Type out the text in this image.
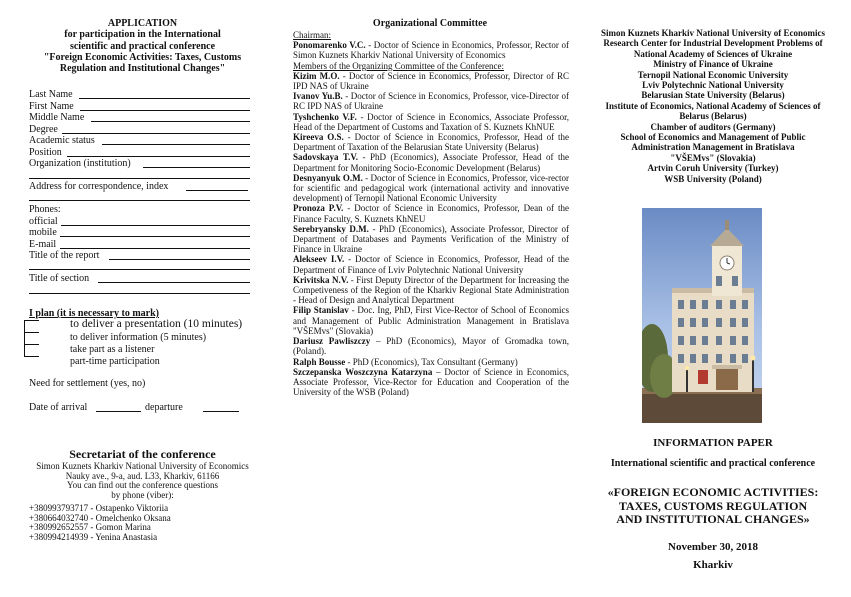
APPLICATION
for participation in the International
scientific and practical conference
"Foreign Economic Activities: Taxes, Customs
Regulation and Institutional Changes"
Last Name
First Name
Middle Name
Degree
Academic status
Position
Organization (institution)
Address for correspondence, index
Phones:
official
mobile
E-mail
Title of the report
Title of section
I plan (it is necessary to mark)
to deliver a presentation (10 minutes)
to deliver information (5 minutes)
take part as a listener
part-time participation
Need for settlement (yes, no)
Date of arrival	departure
Secretariat of the conference
Simon Kuznets Kharkiv National University of Economics
Nauky ave., 9-a, aud. L33, Kharkiv, 61166
You can find out the conference questions
by phone (viber):
+380993793717 - Ostapenko Viktoriia
+380664032740 - Omelchenko Oksana
+380992652557 - Gomon Marina
+380994214939 - Yenina Anastasia
Organizational Committee

Chairman:

Ponomarenko V.C. - Doctor of Science in Economics, Professor, Rector of Simon Kuznets Kharkiv National University of Economics

Members of the Organizing Committee of the Conference:

Kizim M.O. - Doctor of Science in Economics, Professor, Director of RC IPD NAS of Ukraine

Ivanov Yu.B. - Doctor of Science in Economics, Professor, vice-Director of RC IPD NAS of Ukraine

Tyshchenko V.F. - Doctor of Science in Economics, Associate Professor, Head of the Department of Customs and Taxation of S. Kuznets KhNUE

Kireeva O.S. - Doctor of Science in Economics, Professor, Head of the Department of Taxation of the Belarusian State University (Belarus)

Sadovskaya T.V. - PhD (Economics), Associate Professor, Head of the Department for Monitoring Socio-Economic Development (Belarus)

Desnyanyuk O.M. - Doctor of Science in Economics, Professor, vice-rector for scientific and pedagogical work (international activity and innovative development) of Ternopil National Economic University

Pronoza P.V. - Doctor of Science in Economics, Professor, Dean of the Finance Faculty, S. Kuznets KhNEU

Serebryansky D.M. - PhD (Economics), Associate Professor, Director of Department of Databases and Payments Verification of the Ministry of Finance in Ukraine

Alekseev I.V. - Doctor of Science in Economics, Professor, Head of the Department of Finance of Lviv Polytechnic National University

Krivitska N.V. - First Deputy Director of the Department for Increasing the Competiveness of the Region of the Kharkiv Regional State Administration - Head of Design and Analytical Department

Filip Stanislav - Doc. Ing, PhD, First Vice-Rector of School of Economics and Management of Public Administration Management in Bratislava "VŠEMvs" (Slovakia)

Dariusz Pawliszczy – PhD (Economics), Mayor of Gromadka town, (Poland).

Ralph Bousse - PhD (Economics), Tax Consultant (Germany)

Szczepanska Woszczyna Katarzyna – Doctor of Science in Economics, Associate Professor, Vice-Rector for Education and Cooperation of the University of the WSB (Poland)

Simon Kuznets Kharkiv National University of Economics
Research Center for Industrial Development Problems of
National Academy of Sciences of Ukraine
Ministry of Finance of Ukraine
Ternopil National Economic University
Lviv Polytechnic National University
Belarusian State University (Belarus)
Institute of Economics, National Academy of Sciences of
Belarus (Belarus)
Chamber of auditors (Germany)
School of Economics and Management of Public
Administration Management in Bratislava
"VŠEMvs" (Slovakia)
Artvin Coruh University (Turkey)
WSB University (Poland)
INFORMATION PAPER
International scientific and practical conference
«FOREIGN ECONOMIC ACTIVITIES:
TAXES, CUSTOMS REGULATION
AND INSTITUTIONAL CHANGES»
November 30, 2018
Kharkiv
